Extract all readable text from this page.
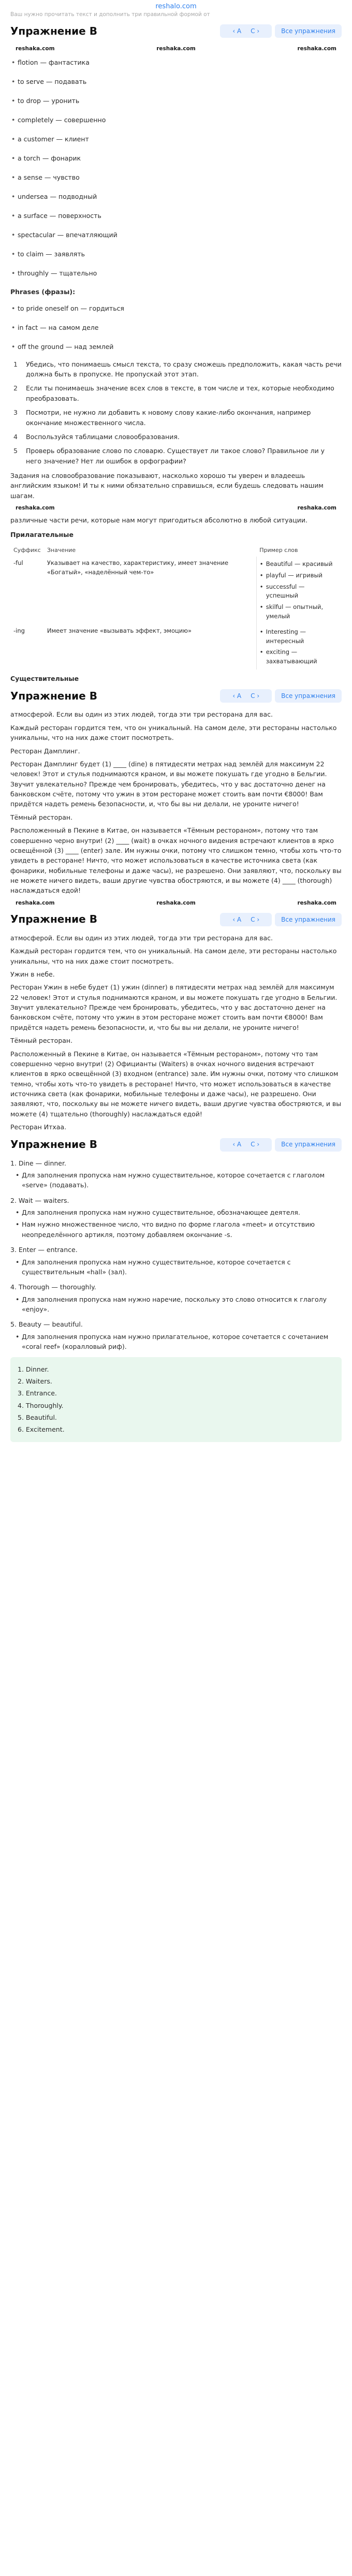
reshalo.com
Ваш нужно прочитать текст и дополнить три правильной формой от
Упражнение B	‹ A C ›	Все упражнения
reshaka.com	reshaka.com	reshaka.com
• flotion — фантастика
• to serve — подавать
• to drop — уронить
• completely — совершенно
• a customer — клиент
• a torch — фонарик
• a sense — чувство
• undersea — подводный
• a surface — поверхность
• spectacular — впечатляющий
• to claim — заявлять
• throughly — тщательно
Phrases (фразы):
• to pride oneself on — гордиться
• in fact — на самом деле
• off the ground — над землей
1 Убедись, что понимаешь смысл текста, то сразу сможешь предположить, какая часть речи должна быть в пропуске. Не пропускай этот этап.
2 Если ты понимаешь значение всех слов в тексте, в том числе и тех, которые необходимо преобразовать.
3 Посмотри, не нужно ли добавить к новому слову какие-либо окончания, например окончание множественного числа.
4 Воспользуйся таблицами словообразования.
5 Проверь образование слово по словарю. Существует ли такое слово? Правильное ли у него значение? Нет ли ошибок в орфографии?

Задания на словообразование показывают, насколько хорошо ты уверен и владеешь английским языком! И ты к ними обязательно справишься, если будешь следовать нашим шагам.

reshaka.com	reshaka.com

различные части речи, которые нам могут пригодиться абсолютно в любой ситуации.

Прилагательные
Суффикс	Значение	Пример слов
-ful	Указывает на качество, характеристику, имеет значение «Богатый», «наделённый чем-то»	• Beautiful — красивый
• playful — игривый
• successful — успешный
• skilful — опытный, умелый

-ing	Имеет значение «вызывать эффект, эмоцию»	• Interesting — интересный
• exciting — захватывающий
Существительные
Упражнение B	‹ A C ›	Все упражнения

атмосферой. Если вы один из этих людей, тогда эти три ресторана для вас.

Каждый ресторан гордится тем, что он уникальный. На самом деле, эти рестораны настолько уникальны, что на них даже стоит посмотреть.

Ресторан Дамплинг.

Ресторан Дамплинг будет (1) ____ (dine) в пятидесяти метрах над землёй для максимум 22 человек! Этот и стулья поднимаются краном, и вы можете покушать где угодно в Бельгии. Звучит увлекательно? Прежде чем бронировать, убедитесь, что у вас достаточно денег на банковском счёте, потому что ужин в этом ресторане может стоить вам почти €8000! Вам придётся надеть ремень безопасности, и, что бы вы ни делали, не уроните ничего!

Тёмный ресторан.

Расположенный в Пекине в Китае, он называется «Тёмным рестораном», потому что там совершенно черно внутри! (2) ____ (wait) в очках ночного видения встречают клиентов в ярко освещённой (3) ____ (enter) зале. Им нужны очки, потому что слишком темно, чтобы хоть что-то увидеть в ресторане! Ничто, что может использоваться в качестве источника света (как фонарики, мобильные телефоны и даже часы), не разрешено. Они заявляют, что, поскольку вы не можете ничего видеть, ваши другие чувства обостряются, и вы можете (4) ____ (thorough) наслаждаться едой!

reshaka.com	reshaka.com	reshaka.com
Упражнение B	‹ A C ›	Все упражнения

атмосферой. Если вы один из этих людей, тогда эти три ресторана для вас.

Каждый ресторан гордится тем, что он уникальный. На самом деле, эти рестораны настолько уникальны, что на них даже стоит посмотреть.

Ужин в небе.

Ресторан Ужин в небе будет (1) ужин (dinner) в пятидесяти метрах над землёй для максимум 22 человек! Этот и стулья поднимаются краном, и вы можете покушать где угодно в Бельгии. Звучит увлекательно? Прежде чем бронировать, убедитесь, что у вас достаточно денег на банковском счёте, потому что ужин в этом ресторане может стоить вам почти €8000! Вам придётся надеть ремень безопасности, и, что бы вы ни делали, не уроните ничего!

Тёмный ресторан.

Расположенный в Пекине в Китае, он называется «Тёмным рестораном», потому что там совершенно черно внутри! (2) Официанты (Waiters) в очках ночного видения встречают клиентов в ярко освещённой (3) входном (entrance) зале. Им нужны очки, потому что слишком темно, чтобы хоть что-то увидеть в ресторане! Ничто, что может использоваться в качестве источника света (как фонарики, мобильные телефоны и даже часы), не разрешено. Они заявляют, что, поскольку вы не можете ничего видеть, ваши другие чувства обостряются, и вы можете (4) тщательно (thoroughly) наслаждаться едой!

Ресторан Итхаа.

Упражнение B	‹ A C ›	Все упражнения
1. Dine — dinner.
• Для заполнения пропуска нам нужно существительное, которое сочетается с глаголом «serve» (подавать).
2. Wait — waiters.
• Для заполнения пропуска нам нужно существительное, обозначающее деятеля.
• Нам нужно множественное число, что видно по форме глагола «meet» и отсутствию неопределённого артикля, поэтому добавляем окончание -s.
3. Enter — entrance.
• Для заполнения пропуска нам нужно существительное, которое сочетается с существительным «hall» (зал).
4. Thorough — thoroughly.
• Для заполнения пропуска нам нужно наречие, поскольку это слово относится к глаголу «enjoy».
5. Beauty — beautiful.
• Для заполнения пропуска нам нужно прилагательное, которое сочетается с сочетанием «coral reef» (коралловый риф).
1. Dinner.
2. Waiters.
3. Entrance.
4. Thoroughly.
5. Beautiful.
6. Excitement.
